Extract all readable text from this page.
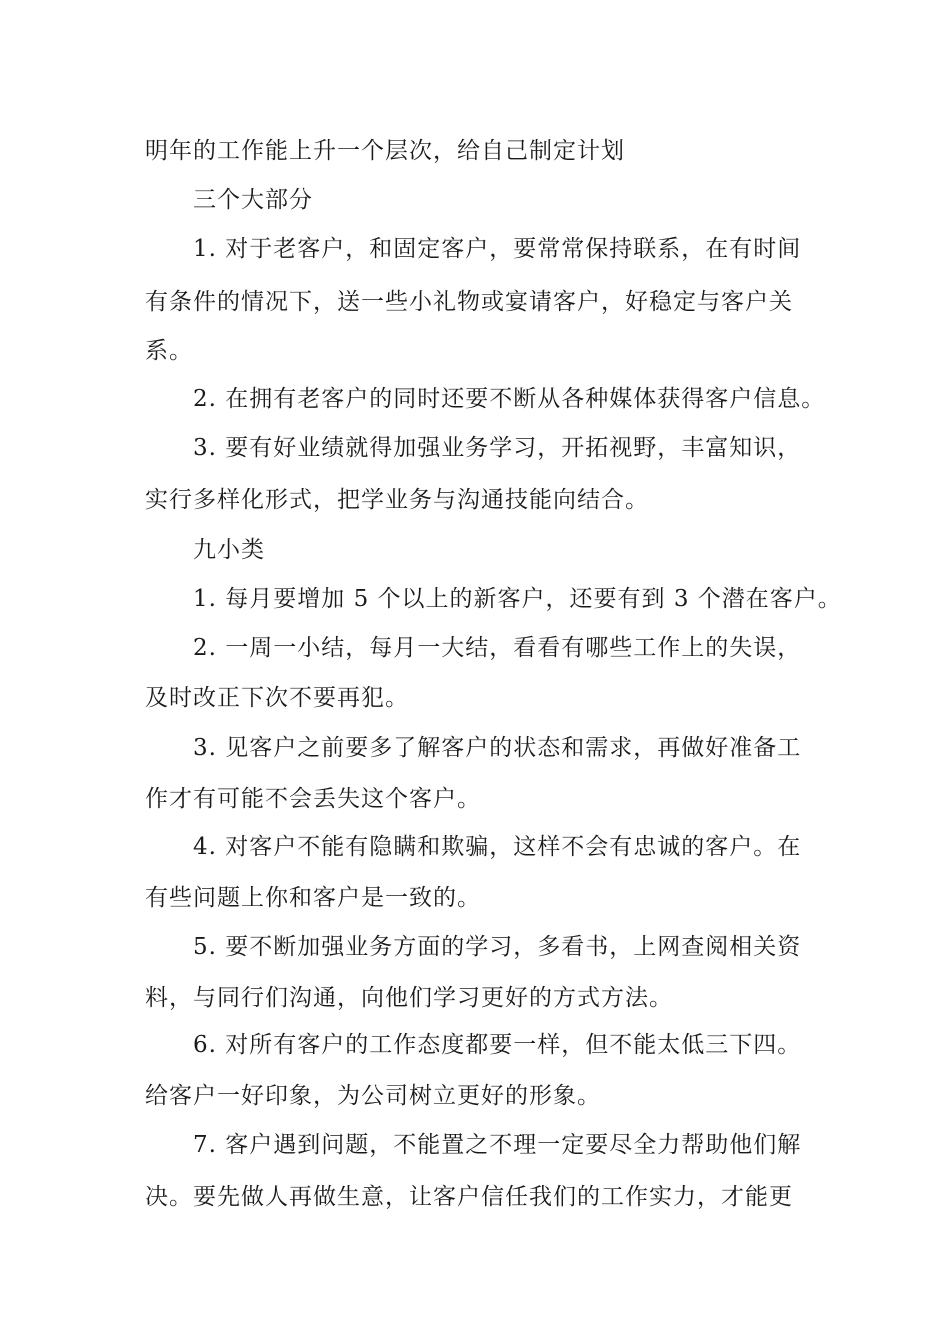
明年的工作能上升一个层次，给自己制定计划

三个大部分

1. 对于老客户，和固定客户，要常常保持联系，在有时间

有条件的情况下，送一些小礼物或宴请客户，好稳定与客户关

系。

2. 在拥有老客户的同时还要不断从各种媒体获得客户信息。

3. 要有好业绩就得加强业务学习，开拓视野，丰富知识，

实行多样化形式，把学业务与沟通技能向结合。

九小类

1. 每月要增加 5 个以上的新客户，还要有到 3 个潜在客户。

2. 一周一小结，每月一大结，看看有哪些工作上的失误，

及时改正下次不要再犯。

3. 见客户之前要多了解客户的状态和需求，再做好准备工

作才有可能不会丢失这个客户。

4. 对客户不能有隐瞒和欺骗，这样不会有忠诚的客户。在

有些问题上你和客户是一致的。

5. 要不断加强业务方面的学习，多看书，上网查阅相关资

料，与同行们沟通，向他们学习更好的方式方法。

6. 对所有客户的工作态度都要一样，但不能太低三下四。

给客户一好印象，为公司树立更好的形象。

7. 客户遇到问题，不能置之不理一定要尽全力帮助他们解

决。要先做人再做生意，让客户信任我们的工作实力，才能更
